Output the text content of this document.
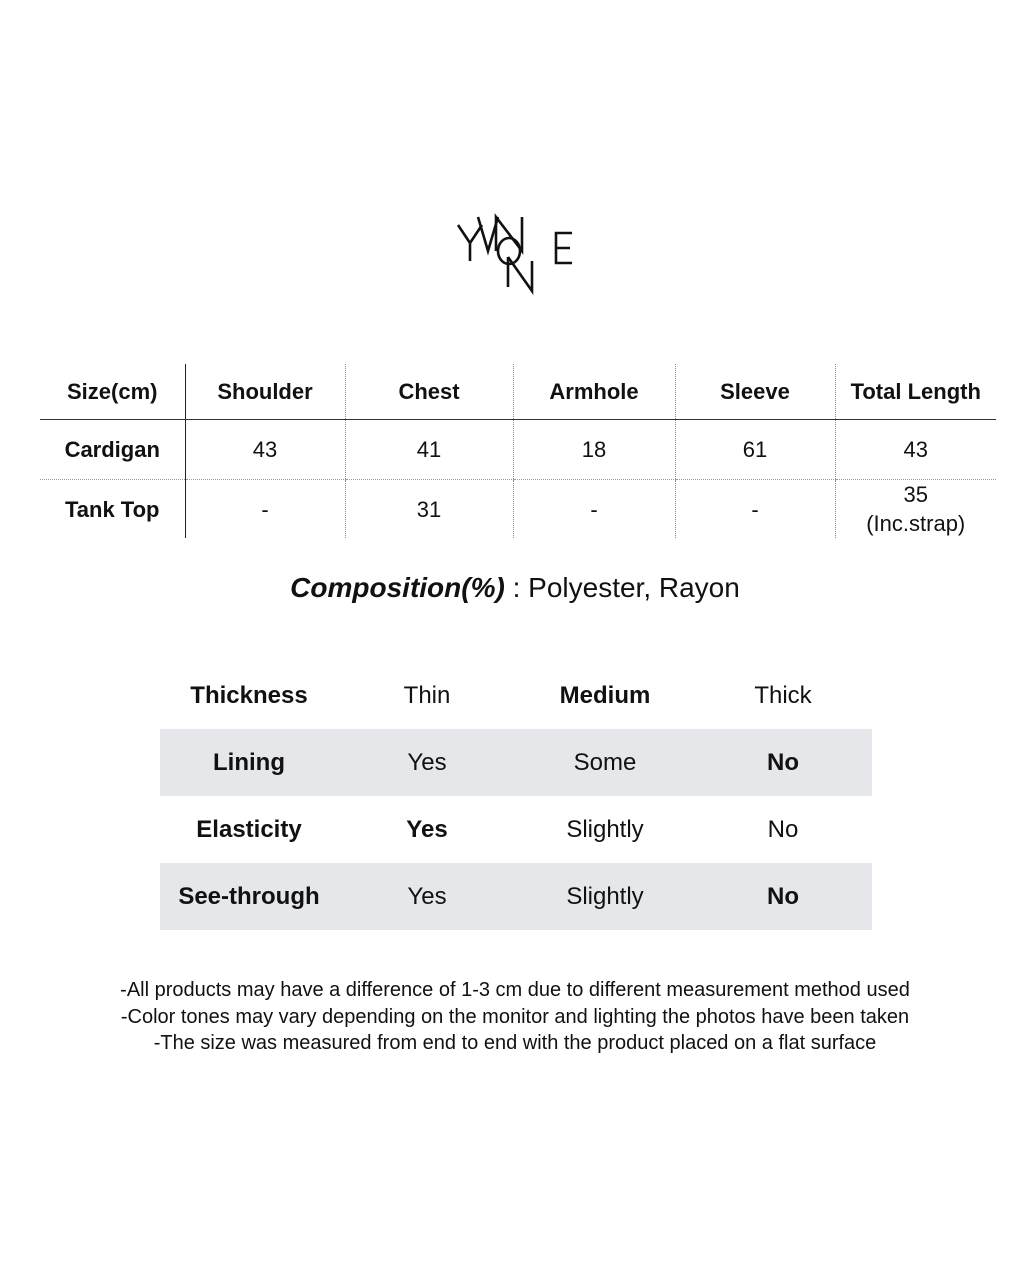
Size(cm)	Shoulder	Chest	Armhole	Sleeve	Total Length
Cardigan	43	41	18	61	43
Tank Top	-	31	-	-	35
(Inc.strap)
Composition(%) : Polyester, Rayon
Thickness	Thin	Medium	Thick
Lining	Yes	Some	No
Elasticity	Yes	Slightly	No
See-through	Yes	Slightly	No
-All products may have a difference of 1-3 cm due to different measurement method used
-Color tones may vary depending on the monitor and lighting the photos have been taken
-The size was measured from end to end with the product placed on a flat surface
